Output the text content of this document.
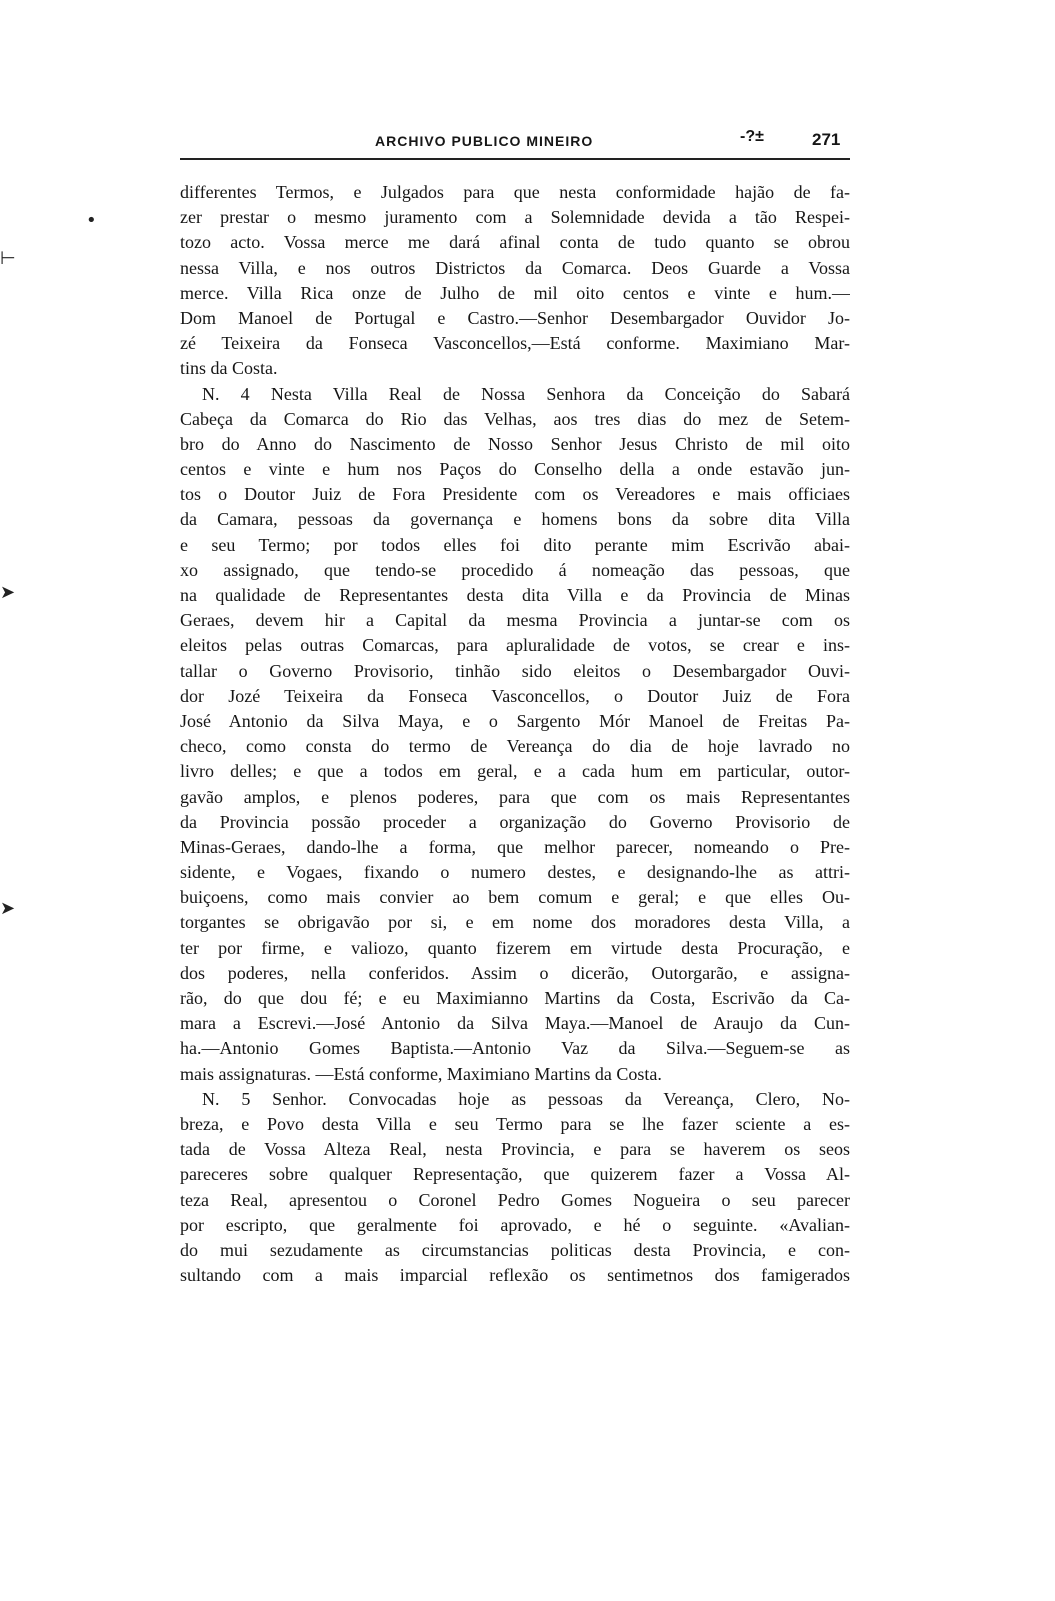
ARCHIVO PUBLICO MINEIRO	-?±	271
•
⊢
➤
➤
differentes Termos, e Julgados para que nesta conformidade hajão de fa-
zer prestar o mesmo juramento com a Solemnidade devida a tão Respei-
tozo acto. Vossa merce me dará afinal conta de tudo quanto se obrou
nessa Villa, e nos outros Districtos da Comarca. Deos Guarde a Vossa
merce. Villa Rica onze de Julho de mil oito centos e vinte e hum.—
Dom Manoel de Portugal e Castro.—Senhor Desembargador Ouvidor Jo-
zé Teixeira da Fonseca Vasconcellos,—Está conforme. Maximiano Mar-
tins da Costa.
N. 4 Nesta Villa Real de Nossa Senhora da Conceição do Sabará
Cabeça da Comarca do Rio das Velhas, aos tres dias do mez de Setem-
bro do Anno do Nascimento de Nosso Senhor Jesus Christo de mil oito
centos e vinte e hum nos Paços do Conselho della a onde estavão jun-
tos o Doutor Juiz de Fora Presidente com os Vereadores e mais officiaes
da Camara, pessoas da governança e homens bons da sobre dita Villa
e seu Termo; por todos elles foi dito perante mim Escrivão abai-
xo assignado, que tendo-se procedido á nomeação das pessoas, que
na qualidade de Representantes desta dita Villa e da Provincia de Minas
Geraes, devem hir a Capital da mesma Provincia a juntar-se com os
eleitos pelas outras Comarcas, para apluralidade de votos, se crear e ins-
tallar o Governo Provisorio, tinhão sido eleitos o Desembargador Ouvi-
dor Jozé Teixeira da Fonseca Vasconcellos, o Doutor Juiz de Fora
José Antonio da Silva Maya, e o Sargento Mór Manoel de Freitas Pa-
checo, como consta do termo de Vereança do dia de hoje lavrado no
livro delles; e que a todos em geral, e a cada hum em particular, outor-
gavão amplos, e plenos poderes, para que com os mais Representantes
da Provincia possão proceder a organização do Governo Provisorio de
Minas-Geraes, dando-lhe a forma, que melhor parecer, nomeando o Pre-
sidente, e Vogaes, fixando o numero destes, e designando-lhe as attri-
buiçoens, como mais convier ao bem comum e geral; e que elles Ou-
torgantes se obrigavão por si, e em nome dos moradores desta Villa, a
ter por firme, e valiozo, quanto fizerem em virtude desta Procuração, e
dos poderes, nella conferidos. Assim o dicerão, Outorgarão, e assigna-
rão, do que dou fé; e eu Maximianno Martins da Costa, Escrivão da Ca-
mara a Escrevi.—José Antonio da Silva Maya.—Manoel de Araujo da Cun-
ha.—Antonio Gomes Baptista.—Antonio Vaz da Silva.—Seguem-se as
mais assignaturas. —Está conforme, Maximiano Martins da Costa.
N. 5 Senhor. Convocadas hoje as pessoas da Vereança, Clero, No-
breza, e Povo desta Villa e seu Termo para se lhe fazer sciente a es-
tada de Vossa Alteza Real, nesta Provincia, e para se haverem os seos
pareceres sobre qualquer Representação, que quizerem fazer a Vossa Al-
teza Real, apresentou o Coronel Pedro Gomes Nogueira o seu parecer
por escripto, que geralmente foi aprovado, e hé o seguinte. «Avalian-
do mui sezudamente as circumstancias politicas desta Provincia, e con-
sultando com a mais imparcial reflexão os sentimetnos dos famigerados
